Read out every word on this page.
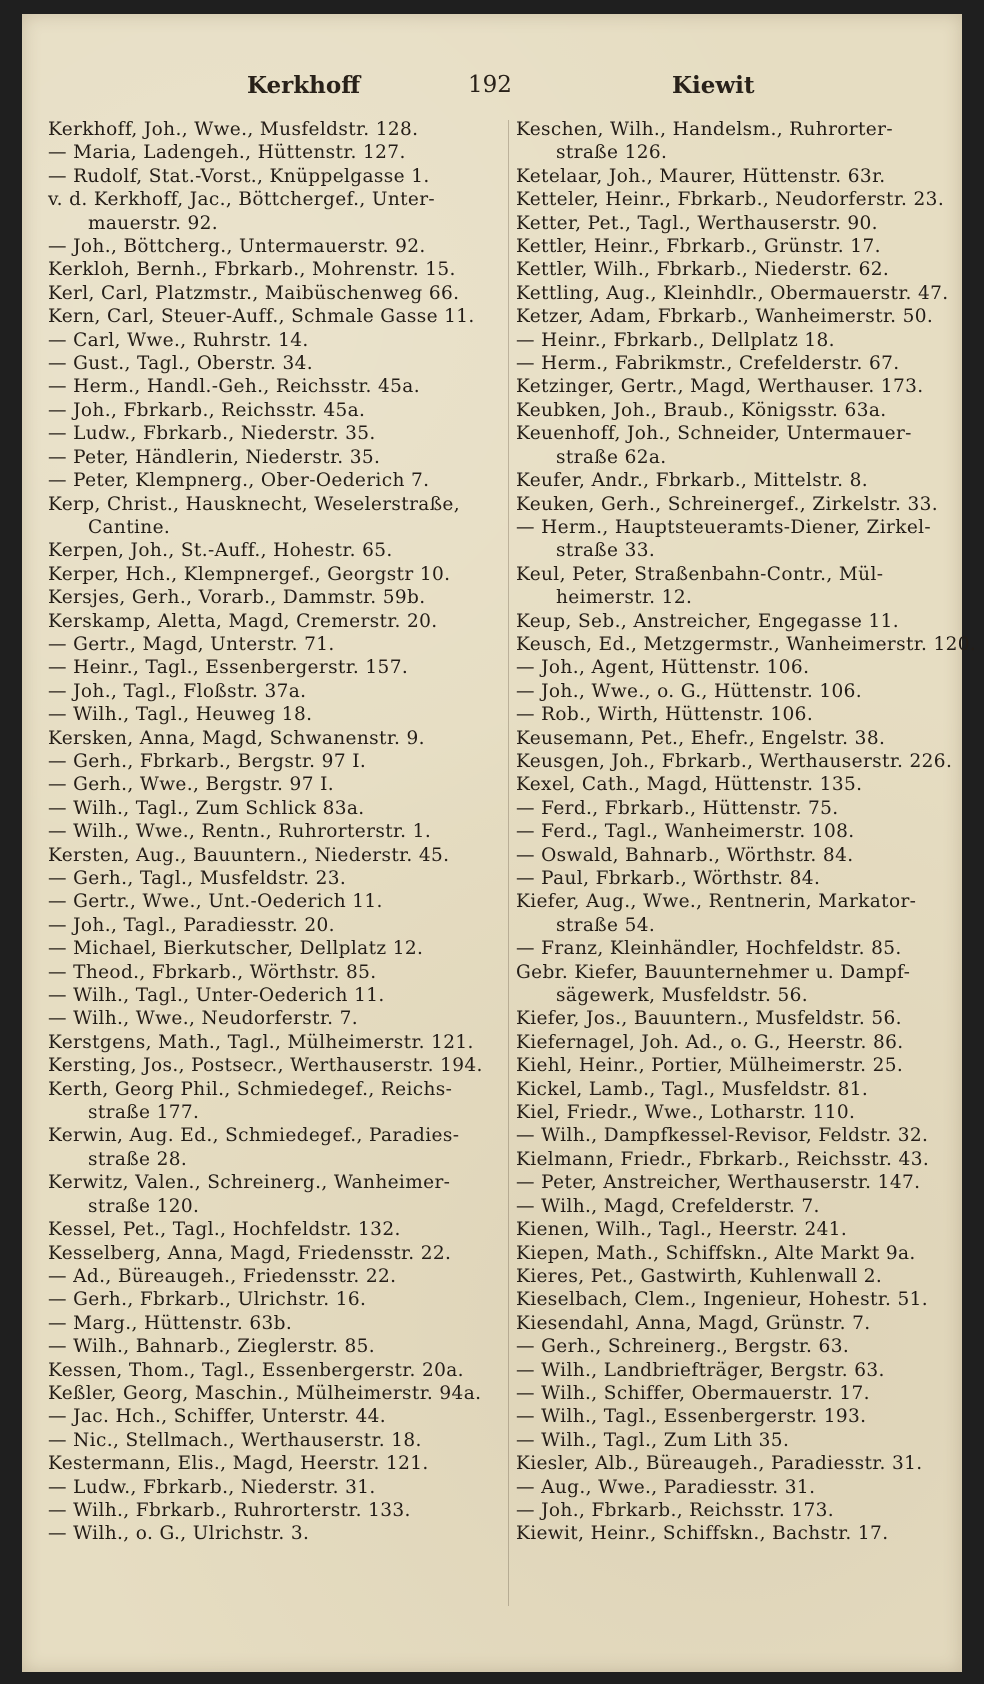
Kerkhoff	192	Kiewit
Kerkhoff, Joh., Wwe., Musfeldstr. 128.
— Maria, Ladengeh., Hüttenstr. 127.
— Rudolf, Stat.-Vorst., Knüppelgasse 1.
v. d. Kerkhoff, Jac., Böttchergef., Unter-
mauerstr. 92.
— Joh., Böttcherg., Untermauerstr. 92.
Kerkloh, Bernh., Fbrkarb., Mohrenstr. 15.
Kerl, Carl, Platzmstr., Maibüschenweg 66.
Kern, Carl, Steuer-Auff., Schmale Gasse 11.
— Carl, Wwe., Ruhrstr. 14.
— Gust., Tagl., Oberstr. 34.
— Herm., Handl.-Geh., Reichsstr. 45a.
— Joh., Fbrkarb., Reichsstr. 45a.
— Ludw., Fbrkarb., Niederstr. 35.
— Peter, Händlerin, Niederstr. 35.
— Peter, Klempnerg., Ober-Oederich 7.
Kerp, Christ., Hausknecht, Weselerstraße,
Cantine.
Kerpen, Joh., St.-Auff., Hohestr. 65.
Kerper, Hch., Klempnergef., Georgstr 10.
Kersjes, Gerh., Vorarb., Dammstr. 59b.
Kerskamp, Aletta, Magd, Cremerstr. 20.
— Gertr., Magd, Unterstr. 71.
— Heinr., Tagl., Essenbergerstr. 157.
— Joh., Tagl., Floßstr. 37a.
— Wilh., Tagl., Heuweg 18.
Kersken, Anna, Magd, Schwanenstr. 9.
— Gerh., Fbrkarb., Bergstr. 97 I.
— Gerh., Wwe., Bergstr. 97 I.
— Wilh., Tagl., Zum Schlick 83a.
— Wilh., Wwe., Rentn., Ruhrorterstr. 1.
Kersten, Aug., Bauuntern., Niederstr. 45.
— Gerh., Tagl., Musfeldstr. 23.
— Gertr., Wwe., Unt.-Oederich 11.
— Joh., Tagl., Paradiesstr. 20.
— Michael, Bierkutscher, Dellplatz 12.
— Theod., Fbrkarb., Wörthstr. 85.
— Wilh., Tagl., Unter-Oederich 11.
— Wilh., Wwe., Neudorferstr. 7.
Kerstgens, Math., Tagl., Mülheimerstr. 121.
Kersting, Jos., Postsecr., Werthauserstr. 194.
Kerth, Georg Phil., Schmiedegef., Reichs-
straße 177.
Kerwin, Aug. Ed., Schmiedegef., Paradies-
straße 28.
Kerwitz, Valen., Schreinerg., Wanheimer-
straße 120.
Kessel, Pet., Tagl., Hochfeldstr. 132.
Kesselberg, Anna, Magd, Friedensstr. 22.
— Ad., Büreaugeh., Friedensstr. 22.
— Gerh., Fbrkarb., Ulrichstr. 16.
— Marg., Hüttenstr. 63b.
— Wilh., Bahnarb., Zieglerstr. 85.
Kessen, Thom., Tagl., Essenbergerstr. 20a.
Keßler, Georg, Maschin., Mülheimerstr. 94a.
— Jac. Hch., Schiffer, Unterstr. 44.
— Nic., Stellmach., Werthauserstr. 18.
Kestermann, Elis., Magd, Heerstr. 121.
— Ludw., Fbrkarb., Niederstr. 31.
— Wilh., Fbrkarb., Ruhrorterstr. 133.
— Wilh., o. G., Ulrichstr. 3.
Keschen, Wilh., Handelsm., Ruhrorter-
straße 126.
Ketelaar, Joh., Maurer, Hüttenstr. 63r.
Ketteler, Heinr., Fbrkarb., Neudorferstr. 23.
Ketter, Pet., Tagl., Werthauserstr. 90.
Kettler, Heinr., Fbrkarb., Grünstr. 17.
Kettler, Wilh., Fbrkarb., Niederstr. 62.
Kettling, Aug., Kleinhdlr., Obermauerstr. 47.
Ketzer, Adam, Fbrkarb., Wanheimerstr. 50.
— Heinr., Fbrkarb., Dellplatz 18.
— Herm., Fabrikmstr., Crefelderstr. 67.
Ketzinger, Gertr., Magd, Werthauser. 173.
Keubken, Joh., Braub., Königsstr. 63a.
Keuenhoff, Joh., Schneider, Untermauer-
straße 62a.
Keufer, Andr., Fbrkarb., Mittelstr. 8.
Keuken, Gerh., Schreinergef., Zirkelstr. 33.
— Herm., Hauptsteueramts-Diener, Zirkel-
straße 33.
Keul, Peter, Straßenbahn-Contr., Mül-
heimerstr. 12.
Keup, Seb., Anstreicher, Engegasse 11.
Keusch, Ed., Metzgermstr., Wanheimerstr. 120.
— Joh., Agent, Hüttenstr. 106.
— Joh., Wwe., o. G., Hüttenstr. 106.
— Rob., Wirth, Hüttenstr. 106.
Keusemann, Pet., Ehefr., Engelstr. 38.
Keusgen, Joh., Fbrkarb., Werthauserstr. 226.
Kexel, Cath., Magd, Hüttenstr. 135.
— Ferd., Fbrkarb., Hüttenstr. 75.
— Ferd., Tagl., Wanheimerstr. 108.
— Oswald, Bahnarb., Wörthstr. 84.
— Paul, Fbrkarb., Wörthstr. 84.
Kiefer, Aug., Wwe., Rentnerin, Markator-
straße 54.
— Franz, Kleinhändler, Hochfeldstr. 85.
Gebr. Kiefer, Bauunternehmer u. Dampf-
sägewerk, Musfeldstr. 56.
Kiefer, Jos., Bauuntern., Musfeldstr. 56.
Kiefernagel, Joh. Ad., o. G., Heerstr. 86.
Kiehl, Heinr., Portier, Mülheimerstr. 25.
Kickel, Lamb., Tagl., Musfeldstr. 81.
Kiel, Friedr., Wwe., Lotharstr. 110.
— Wilh., Dampfkessel-Revisor, Feldstr. 32.
Kielmann, Friedr., Fbrkarb., Reichsstr. 43.
— Peter, Anstreicher, Werthauserstr. 147.
— Wilh., Magd, Crefelderstr. 7.
Kienen, Wilh., Tagl., Heerstr. 241.
Kiepen, Math., Schiffskn., Alte Markt 9a.
Kieres, Pet., Gastwirth, Kuhlenwall 2.
Kieselbach, Clem., Ingenieur, Hohestr. 51.
Kiesendahl, Anna, Magd, Grünstr. 7.
— Gerh., Schreinerg., Bergstr. 63.
— Wilh., Landbriefträger, Bergstr. 63.
— Wilh., Schiffer, Obermauerstr. 17.
— Wilh., Tagl., Essenbergerstr. 193.
— Wilh., Tagl., Zum Lith 35.
Kiesler, Alb., Büreaugeh., Paradiesstr. 31.
— Aug., Wwe., Paradiesstr. 31.
— Joh., Fbrkarb., Reichsstr. 173.
Kiewit, Heinr., Schiffskn., Bachstr. 17.
